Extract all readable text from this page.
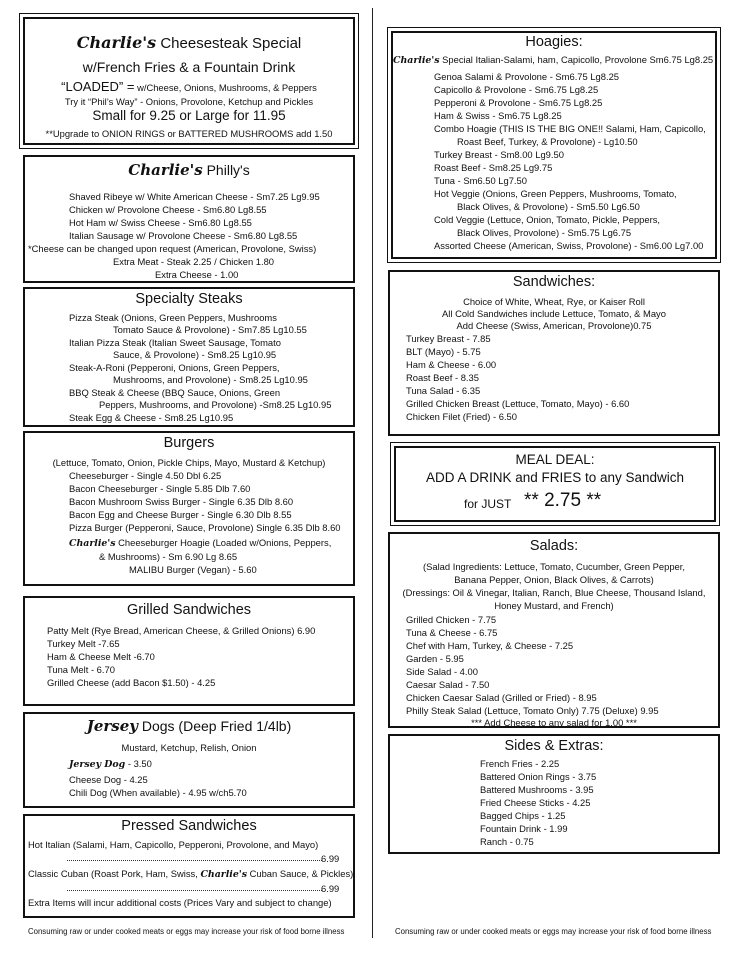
Charlie's Cheesesteak Special
w/French Fries & a Fountain Drink
“LOADED” = w/Cheese, Onions, Mushrooms, & Peppers
Try it “Phil’s Way” - Onions, Provolone, Ketchup and Pickles
Small for 9.25 or Large for 11.95
**Upgrade to ONION RINGS or BATTERED MUSHROOMS add 1.50
Charlie's Philly's
Shaved Ribeye w/ White American Cheese - Sm7.25 Lg9.95
Chicken w/ Provolone Cheese - Sm6.80 Lg8.55
Hot Ham w/ Swiss Cheese - Sm6.80 Lg8.55
Italian Sausage w/ Provolone Cheese - Sm6.80 Lg8.55
*Cheese can be changed upon request (American, Provolone, Swiss)
Extra Meat - Steak 2.25 / Chicken 1.80
Extra Cheese - 1.00
Specialty Steaks
Pizza Steak (Onions, Green Peppers, Mushrooms
Tomato Sauce & Provolone) - Sm7.85 Lg10.55
Italian Pizza Steak (Italian Sweet Sausage, Tomato
Sauce, & Provolone) - Sm8.25 Lg10.95
Steak-A-Roni (Pepperoni, Onions, Green Peppers,
Mushrooms, and Provolone) - Sm8.25 Lg10.95
BBQ Steak & Cheese (BBQ Sauce, Onions, Green
Peppers, Mushrooms, and Provolone) -Sm8.25 Lg10.95
Steak Egg & Cheese - Sm8.25 Lg10.95
Burgers
(Lettuce, Tomato, Onion, Pickle Chips, Mayo, Mustard & Ketchup)
Cheeseburger - Single 4.50 Dbl 6.25
Bacon Cheeseburger - Single 5.85 Dlb 7.60
Bacon Mushroom Swiss Burger - Single 6.35 Dlb 8.60
Bacon Egg and Cheese Burger - Single 6.30 Dlb 8.55
Pizza Burger (Pepperoni, Sauce, Provolone) Single 6.35 Dlb 8.60
Charlie's Cheeseburger Hoagie (Loaded w/Onions, Peppers,
& Mushrooms) - Sm 6.90 Lg 8.65
MALIBU Burger (Vegan) - 5.60
Grilled Sandwiches
Patty Melt (Rye Bread, American Cheese, & Grilled Onions) 6.90
Turkey Melt -7.65
Ham & Cheese Melt -6.70
Tuna Melt - 6.70
Grilled Cheese (add Bacon $1.50) - 4.25
Jersey Dogs (Deep Fried 1/4lb)
Mustard, Ketchup, Relish, Onion
Jersey Dog - 3.50
Cheese Dog - 4.25
Chili Dog (When available) - 4.95 w/ch5.70
Pressed Sandwiches
Hot Italian (Salami, Ham, Capicollo, Pepperoni, Provolone, and Mayo)
6.99
Classic Cuban (Roast Pork, Ham, Swiss, Charlie's Cuban Sauce, & Pickles)
6.99
Extra Items will incur additional costs (Prices Vary and subject to change)
Hoagies:
Charlie's Special Italian-Salami, ham, Capicollo, Provolone Sm6.75 Lg8.25
Genoa Salami & Provolone - Sm6.75 Lg8.25
Capicollo & Provolone - Sm6.75 Lg8.25
Pepperoni & Provolone - Sm6.75 Lg8.25
Ham & Swiss - Sm6.75 Lg8.25
Combo Hoagie (THIS IS THE BIG ONE!! Salami, Ham, Capicollo,
Roast Beef, Turkey, & Provolone) - Lg10.50
Turkey Breast - Sm8.00 Lg9.50
Roast Beef - Sm8.25 Lg9.75
Tuna - Sm6.50 Lg7.50
Hot Veggie (Onions, Green Peppers, Mushrooms, Tomato,
Black Olives, & Provolone) - Sm5.50 Lg6.50
Cold Veggie (Lettuce, Onion, Tomato, Pickle, Peppers,
Black Olives, Provolone) - Sm5.75 Lg6.75
Assorted Cheese (American, Swiss, Provolone) - Sm6.00 Lg7.00
Sandwiches:
Choice of White, Wheat, Rye, or Kaiser Roll
All Cold Sandwiches include Lettuce, Tomato, & Mayo
Add Cheese (Swiss, American, Provolone)0.75
Turkey Breast - 7.85
BLT (Mayo) - 5.75
Ham & Cheese - 6.00
Roast Beef - 8.35
Tuna Salad - 6.35
Grilled Chicken Breast (Lettuce, Tomato, Mayo) - 6.60
Chicken Filet (Fried) - 6.50
MEAL DEAL:
ADD A DRINK and FRIES to any Sandwich
for JUST ** 2.75 **
Salads:
(Salad Ingredients: Lettuce, Tomato, Cucumber, Green Pepper,
Banana Pepper, Onion, Black Olives, & Carrots)
(Dressings: Oil & Vinegar, Italian, Ranch, Blue Cheese, Thousand Island,
Honey Mustard, and French)
Grilled Chicken - 7.75
Tuna & Cheese - 6.75
Chef with Ham, Turkey, & Cheese - 7.25
Garden - 5.95
Side Salad - 4.00
Caesar Salad - 7.50
Chicken Caesar Salad (Grilled or Fried) - 8.95
Philly Steak Salad (Lettuce, Tomato Only) 7.75 (Deluxe) 9.95
*** Add Cheese to any salad for 1.00 ***
Sides & Extras:
French Fries - 2.25
Battered Onion Rings - 3.75
Battered Mushrooms - 3.95
Fried Cheese Sticks - 4.25
Bagged Chips - 1.25
Fountain Drink - 1.99
Ranch - 0.75
Consuming raw or under cooked meats or eggs may increase your risk of food borne illness	Consuming raw or under cooked meats or eggs may increase your risk of food borne illness
